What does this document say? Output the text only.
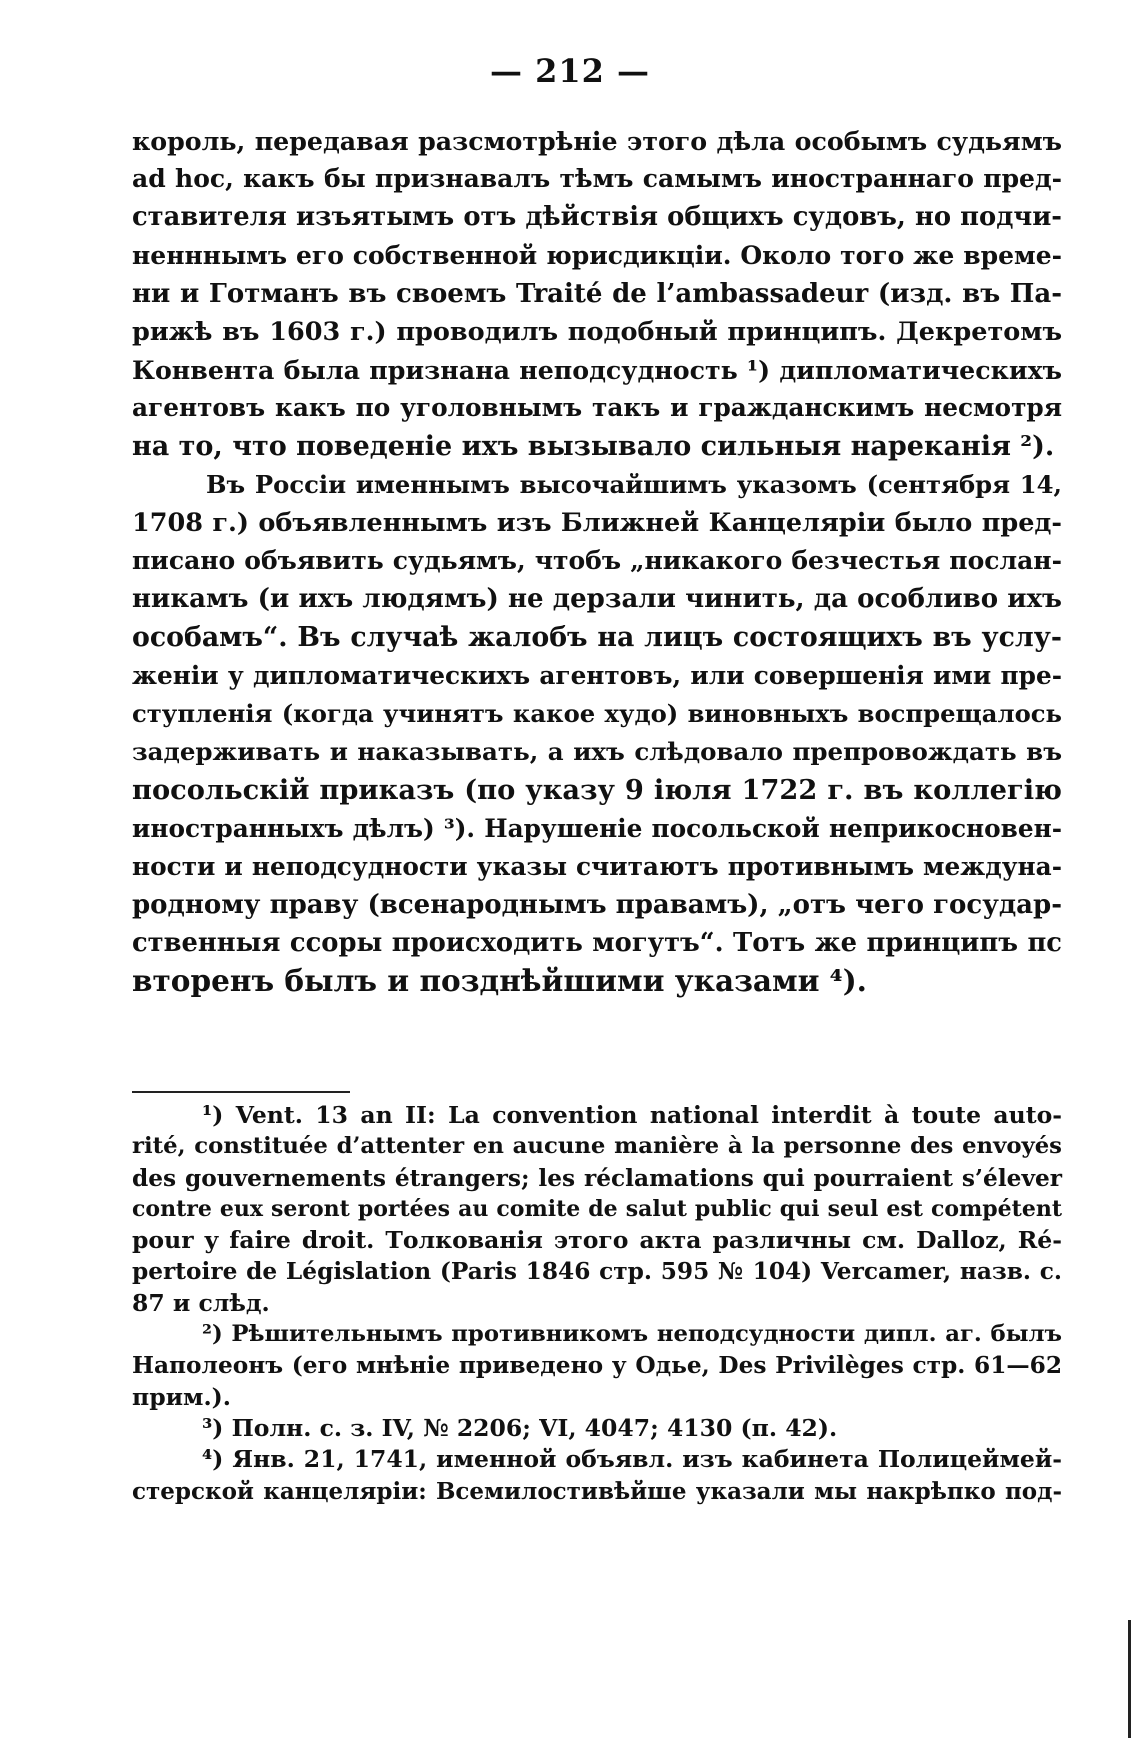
— 212 —
король, передавая разсмотрѣніе этого дѣла особымъ судьямъ
ad hoc, какъ бы признавалъ тѣмъ самымъ иностраннаго пред-
ставителя изъятымъ отъ дѣйствія общихъ судовъ, но подчи-
ненннымъ его собственной юрисдикціи. Около того же време-
ни и Готманъ въ своемъ Traité de l’ambassadeur (изд. въ Па-
рижѣ въ 1603 г.) проводилъ подобный принципъ. Декретомъ
Конвента была признана неподсудность ¹) дипломатическихъ
агентовъ какъ по уголовнымъ такъ и гражданскимъ несмотря
на то, что поведеніе ихъ вызывало сильныя нареканія ²).
Въ Россіи именнымъ высочайшимъ указомъ (сентября 14,
1708 г.) объявленнымъ изъ Ближней Канцеляріи было пред-
писано объявить судьямъ, чтобъ „никакого безчестья послан-
никамъ (и ихъ людямъ) не дерзали чинить, да особливо ихъ
особамъ“. Въ случаѣ жалобъ на лицъ состоящихъ въ услу-
женіи у дипломатическихъ агентовъ, или совершенія ими пре-
ступленія (когда учинятъ какое худо) виновныхъ воспрещалось
задерживать и наказывать, а ихъ слѣдовало препровождать въ
посольскій приказъ (по указу 9 іюля 1722 г. въ коллегію
иностранныхъ дѣлъ) ³). Нарушеніе посольской неприкосновен-
ности и неподсудности указы считаютъ противнымъ междуна-
родному праву (всенароднымъ правамъ), „отъ чего государ-
ственныя ссоры происходить могутъ“. Тотъ же принципъ пс
вторенъ былъ и позднѣйшими указами ⁴).
¹) Vent. 13 an II: La convention national interdit à toute auto-
rité, constituée d’attenter en aucune manière à la personne des envoyés
des gouvernements étrangers; les réclamations qui pourraient s’élever
contre eux seront portées au comite de salut public qui seul est compétent
pour y faire droit. Толкованія этого акта различны см. Dalloz, Ré-
pertoire de Législation (Paris 1846 стр. 595 № 104) Vercamer, назв. с.
87 и слѣд.
²) Рѣшительнымъ противникомъ неподсудности дипл. аг. былъ
Наполеонъ (его мнѣніе приведено у Одье, Des Privilèges стр. 61—62
прим.).
³) Полн. с. з. IV, № 2206; VI, 4047; 4130 (п. 42).
⁴) Янв. 21, 1741, именной объявл. изъ кабинета Полицеймей-
стерской канцеляріи: Всемилостивѣйше указали мы накрѣпко под-
